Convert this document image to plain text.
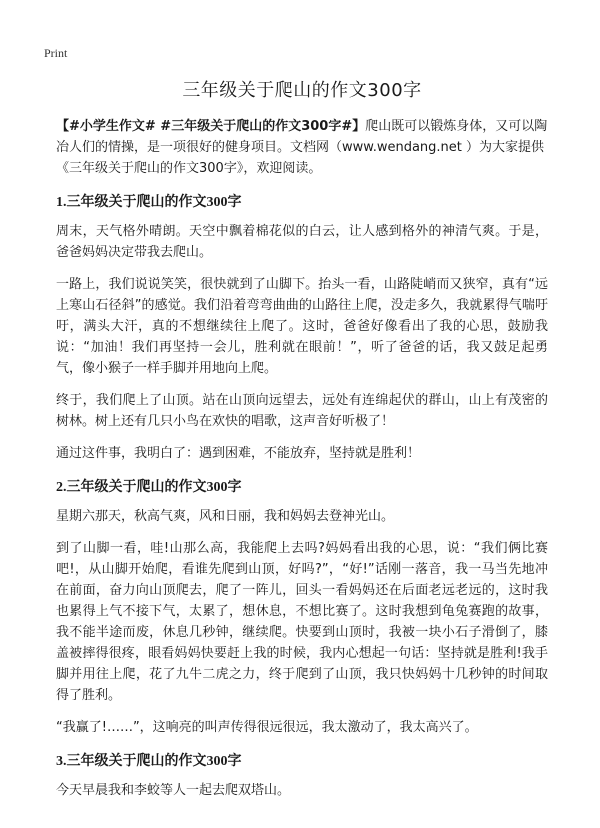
Print
三年级关于爬山的作文300字

【#小学生作文# #三年级关于爬山的作文300字#】爬山既可以锻炼身体，又可以陶冶人们的情操，是一项很好的健身项目。文档网（www.wendang.net ）为大家提供《三年级关于爬山的作文300字》，欢迎阅读。

1.三年级关于爬山的作文300字

周末，天气格外晴朗。天空中飘着棉花似的白云，让人感到格外的神清气爽。于是，爸爸妈妈决定带我去爬山。

一路上，我们说说笑笑，很快就到了山脚下。抬头一看，山路陡峭而又狭窄，真有“远上寒山石径斜”的感觉。我们沿着弯弯曲曲的山路往上爬，没走多久，我就累得气喘吁吁，满头大汗，真的不想继续往上爬了。这时，爸爸好像看出了我的心思，鼓励我说：“加油！我们再坚持一会儿，胜利就在眼前！”，听了爸爸的话，我又鼓足起勇气，像小猴子一样手脚并用地向上爬。

终于，我们爬上了山顶。站在山顶向远望去，远处有连绵起伏的群山，山上有茂密的树林。树上还有几只小鸟在欢快的唱歌，这声音好听极了！

通过这件事，我明白了：遇到困难，不能放弃，坚持就是胜利！

2.三年级关于爬山的作文300字

星期六那天，秋高气爽，风和日丽，我和妈妈去登神光山。

到了山脚一看，哇!山那么高，我能爬上去吗?妈妈看出我的心思，说：“我们俩比赛吧!，从山脚开始爬，看谁先爬到山顶，好吗?”，“好!”话刚一落音，我一马当先地冲在前面，奋力向山顶爬去，爬了一阵儿，回头一看妈妈还在后面老远老远的，这时我也累得上气不接下气，太累了，想休息，不想比赛了。这时我想到龟兔赛跑的故事，我不能半途而废，休息几秒钟，继续爬。快要到山顶时，我被一块小石子滑倒了，膝盖被摔得很疼，眼看妈妈快要赶上我的时候，我内心想起一句话：坚持就是胜利!我手脚并用往上爬，花了九牛二虎之力，终于爬到了山顶，我只快妈妈十几秒钟的时间取得了胜利。

“我赢了!……”，这响亮的叫声传得很远很远，我太激动了，我太高兴了。

3.三年级关于爬山的作文300字

今天早晨我和李蛟等人一起去爬双塔山。
